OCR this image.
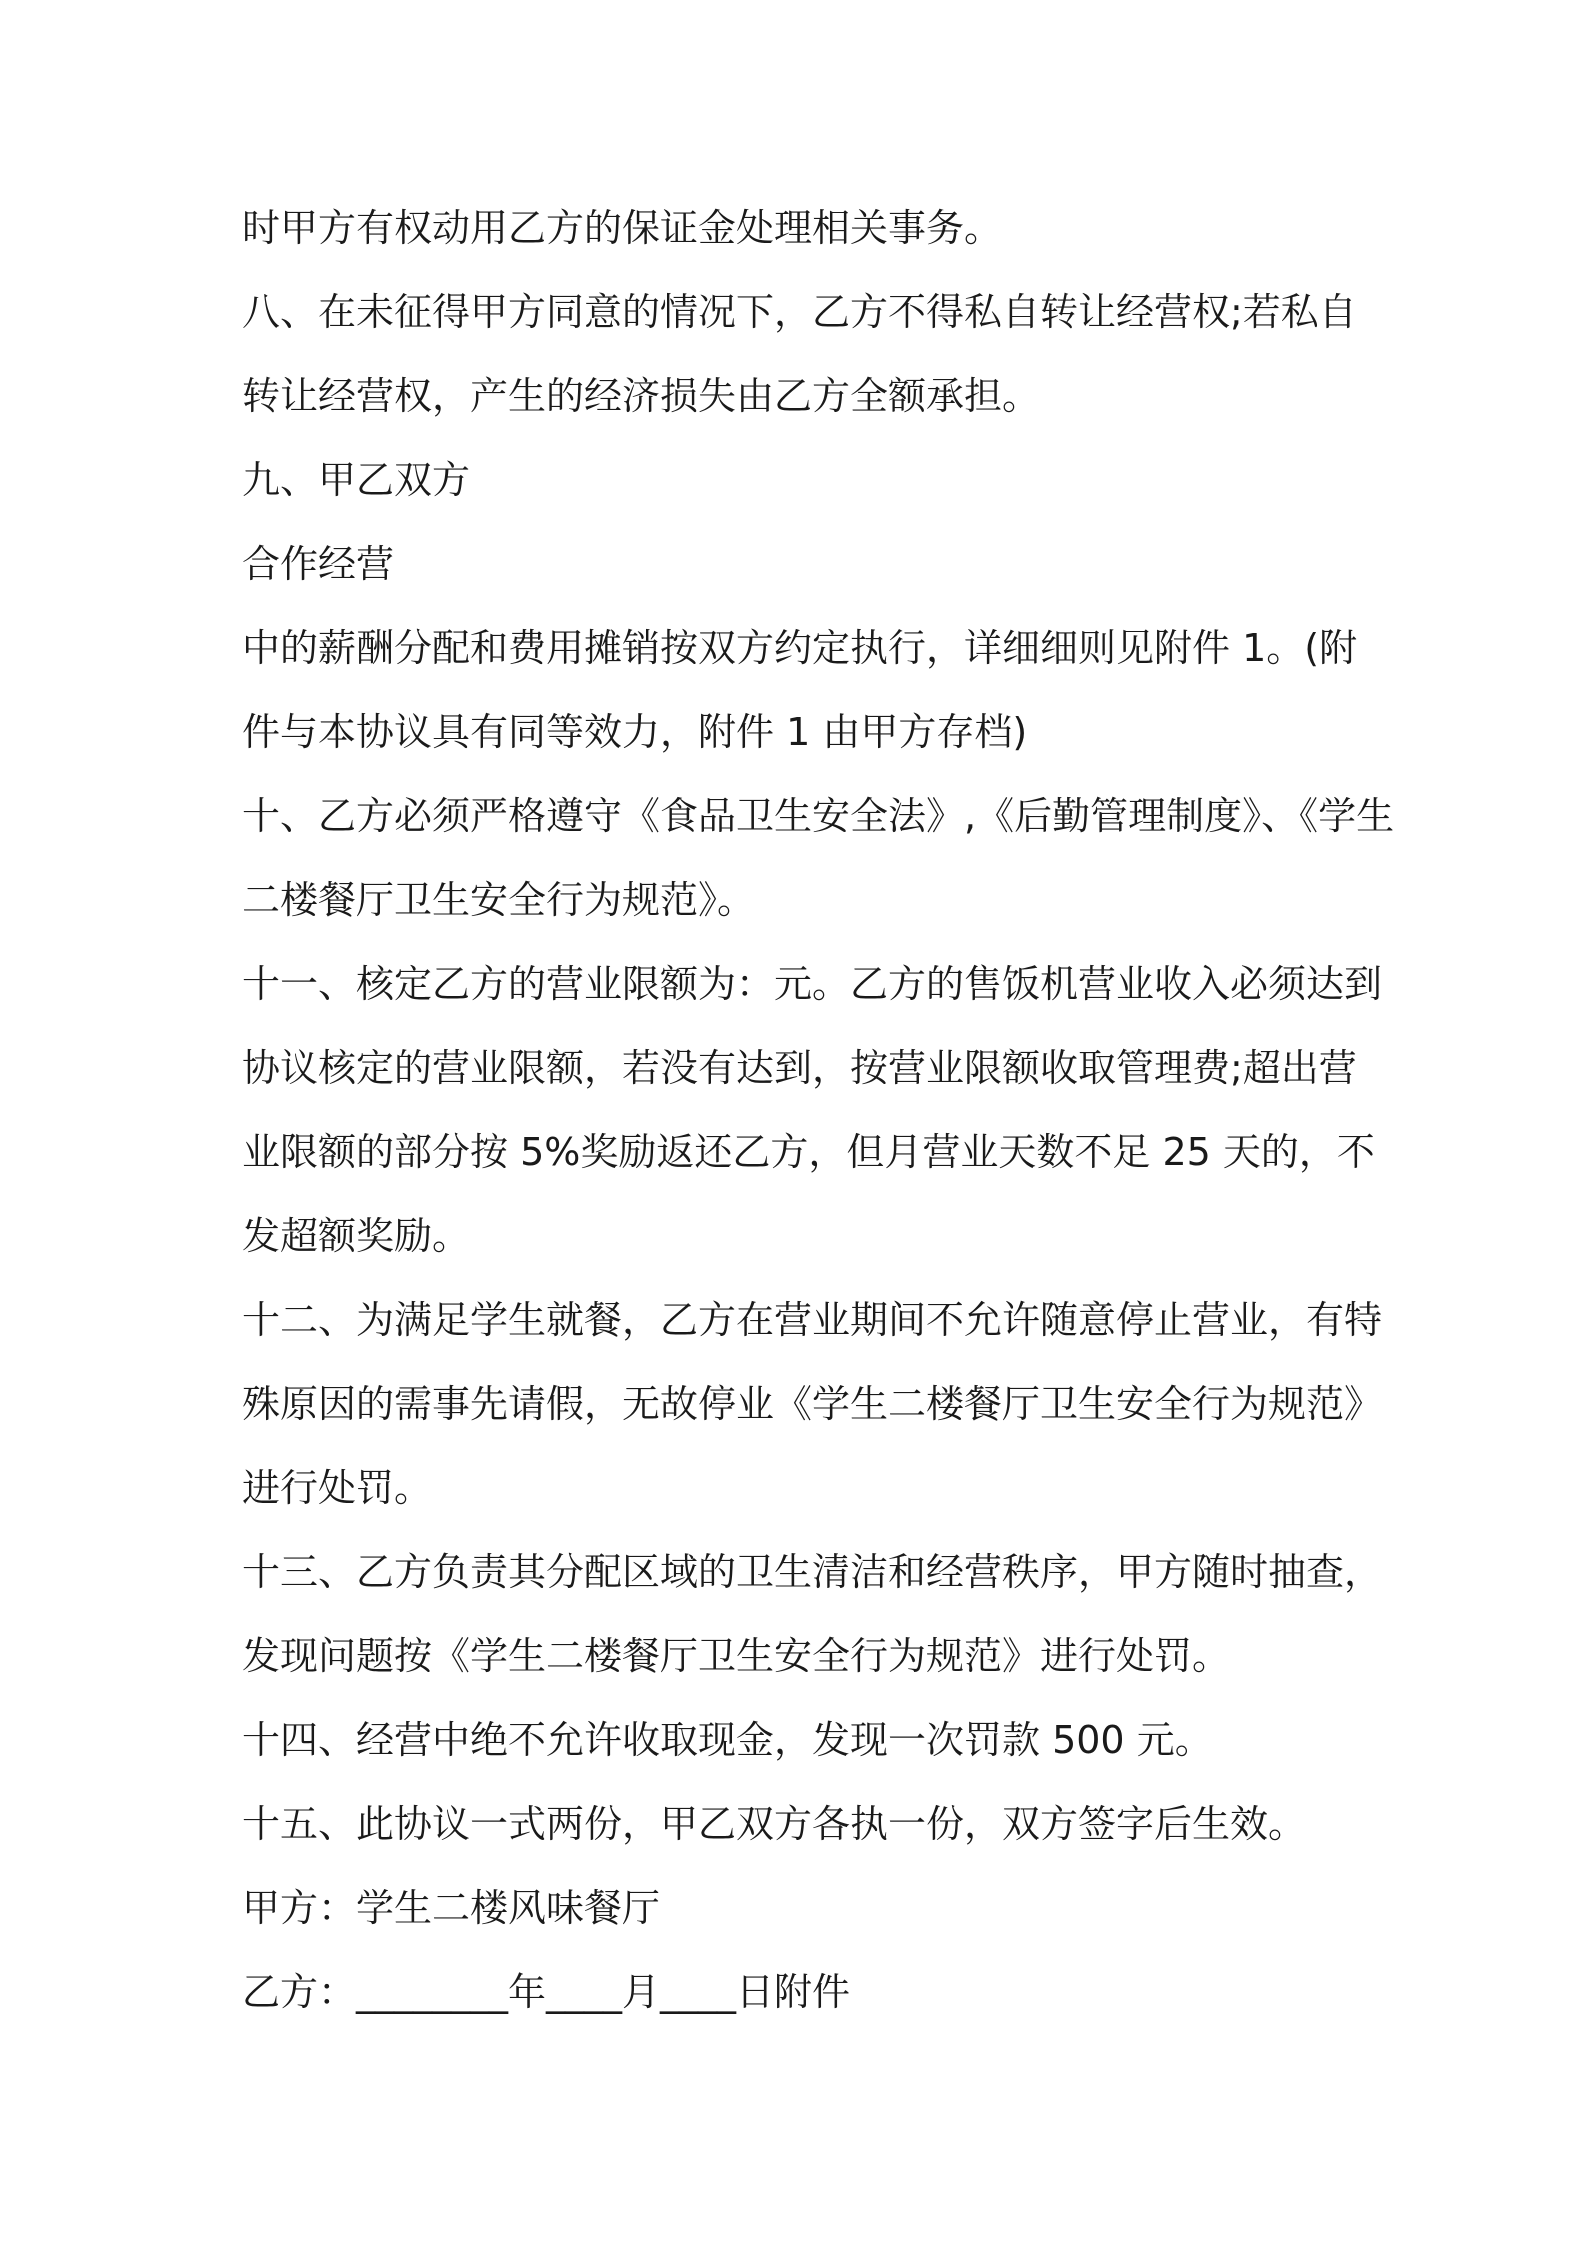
时甲方有权动用乙方的保证金处理相关事务。
八、在未征得甲方同意的情况下，乙方不得私自转让经营权;若私自
转让经营权，产生的经济损失由乙方全额承担。
九、甲乙双方
合作经营
中的薪酬分配和费用摊销按双方约定执行，详细细则见附件 1。(附
件与本协议具有同等效力，附件 1 由甲方存档)
十、乙方必须严格遵守《食品卫生安全法》,《后勤管理制度》、《学生
二楼餐厅卫生安全行为规范》。
十一、核定乙方的营业限额为：元。乙方的售饭机营业收入必须达到
协议核定的营业限额，若没有达到，按营业限额收取管理费;超出营
业限额的部分按 5%奖励返还乙方，但月营业天数不足 25 天的，不
发超额奖励。
十二、为满足学生就餐，乙方在营业期间不允许随意停止营业，有特
殊原因的需事先请假，无故停业《学生二楼餐厅卫生安全行为规范》
进行处罚。
十三、乙方负责其分配区域的卫生清洁和经营秩序，甲方随时抽查，
发现问题按《学生二楼餐厅卫生安全行为规范》进行处罚。
十四、经营中绝不允许收取现金，发现一次罚款 500 元。
十五、此协议一式两份，甲乙双方各执一份，双方签字后生效。
甲方：学生二楼风味餐厅
乙方：________年____月____日附件
